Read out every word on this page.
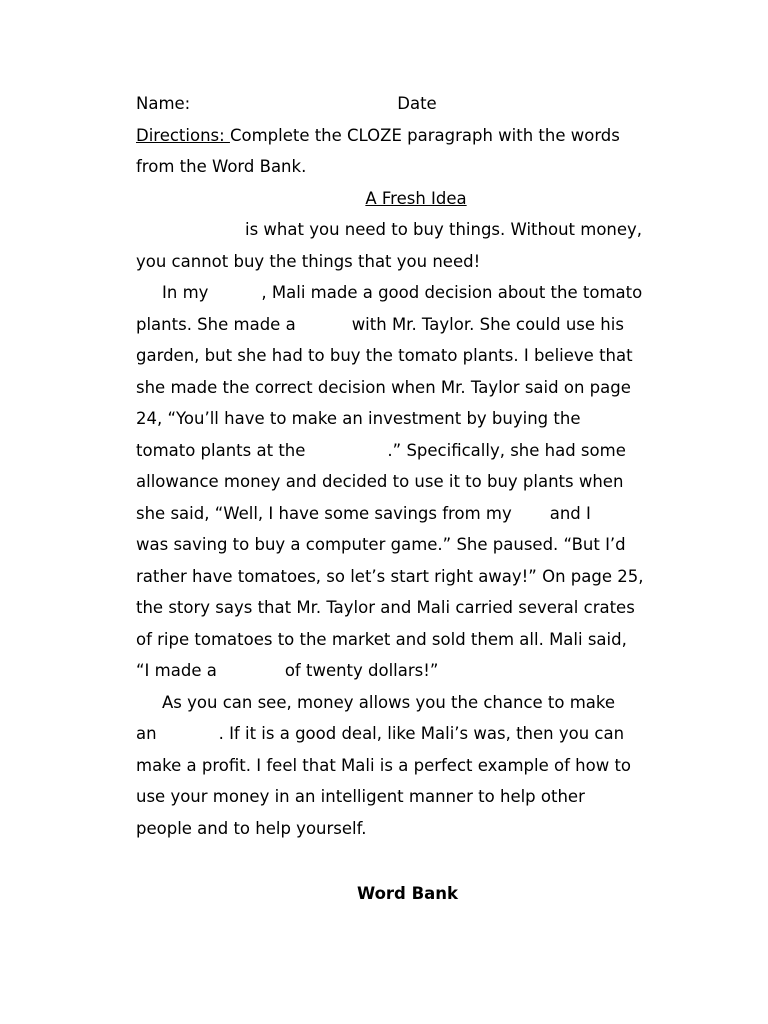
Name:	Date
Directions: Complete the CLOZE paragraph with the words
from the Word Bank.
A Fresh Idea
is what you need to buy things. Without money,
you cannot buy the things that you need!
In my	, Mali made a good decision about the tomato
plants. She made a	with Mr. Taylor. She could use his
garden, but she had to buy the tomato plants. I believe that
she made the correct decision when Mr. Taylor said on page
24, “You’ll have to make an investment by buying the
tomato plants at the	.” Specifically, she had some
allowance money and decided to use it to buy plants when
she said, “Well, I have some savings from my and I
was saving to buy a computer game.” She paused. “But I’d
rather have tomatoes, so let’s start right away!” On page 25,
the story says that Mr. Taylor and Mali carried several crates
of ripe tomatoes to the market and sold them all. Mali said,
“I made a	of twenty dollars!”
As you can see, money allows you the chance to make
an	. If it is a good deal, like Mali’s was, then you can
make a profit. I feel that Mali is a perfect example of how to
use your money in an intelligent manner to help other
people and to help yourself.
Word Bank
